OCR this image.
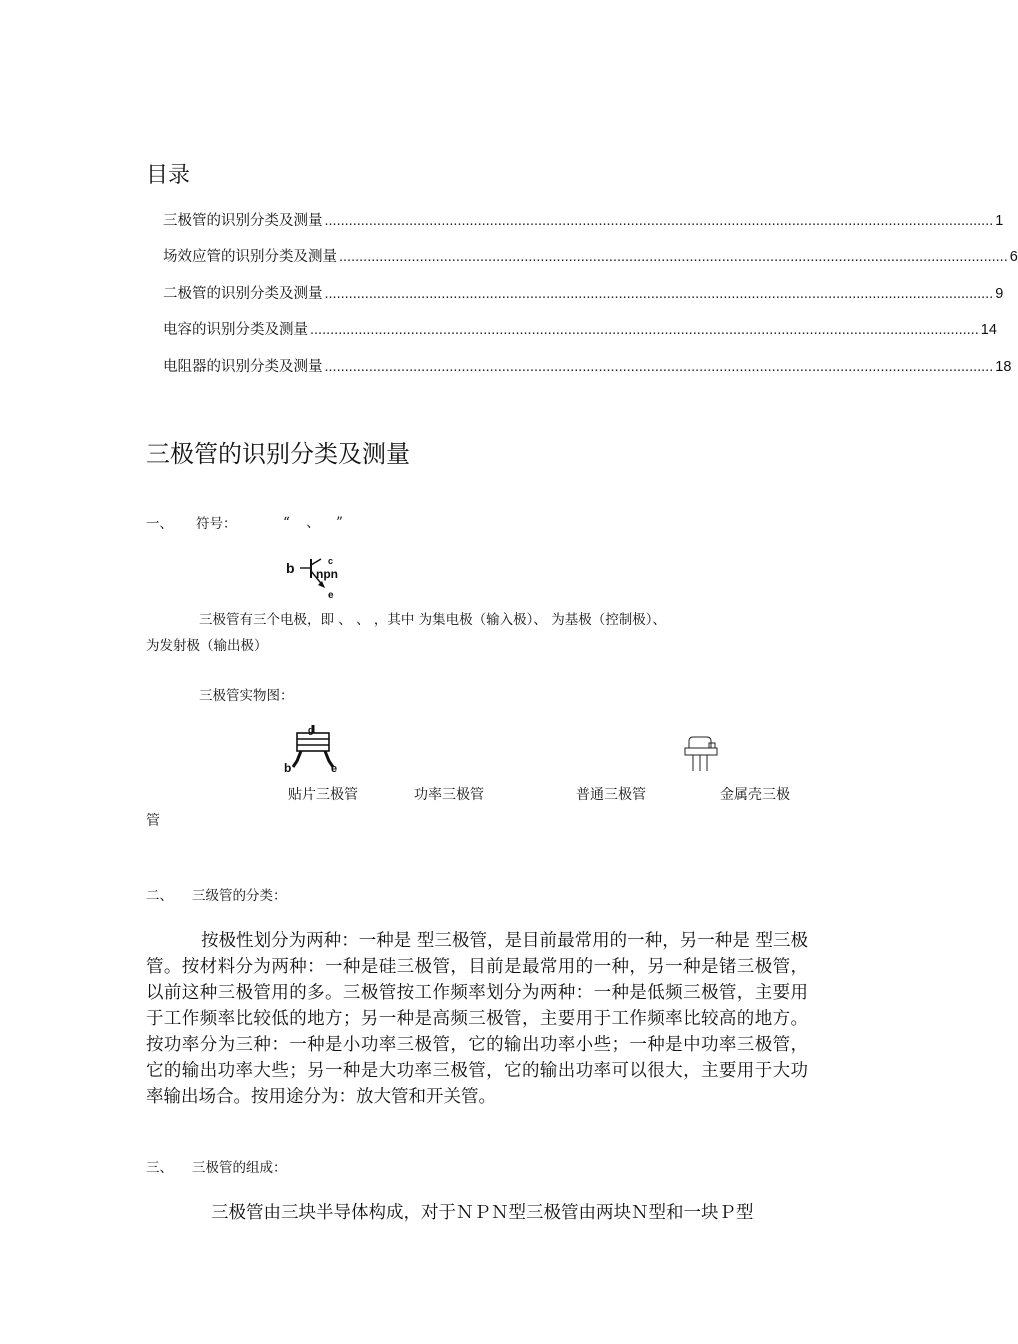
目录
三极管的识别分类及测量 ...................................................................................................................................................................... 1
场效应管的识别分类及测量 ...................................................................................................................................................................... 6
二极管的识别分类及测量 ...................................................................................................................................................................... 9
电容的识别分类及测量 ...................................................................................................................................................................... 14
电阻器的识别分类及测量 ...................................................................................................................................................................... 18
三极管的识别分类及测量
一、 符号：	“ 、 ”
b	c
npn
e
三极管有三个电极，即 、 、 ，其中 为集电极（输入极）、 为基极（控制极）、
为发射极（输出极）
三极管实物图：
g
b	e
贴片三极管	功率三极管	普通三极管	金属壳三极
管
二、 三级管的分类：
按极性划分为两种：一种是 型三极管，是目前最常用的一种，另一种是 型三极管。按材料分为两种：一种是硅三极管，目前是最常用的一种，另一种是锗三极管，以前这种三极管用的多。三极管按工作频率划分为两种：一种是低频三极管，主要用于工作频率比较低的地方；另一种是高频三极管，主要用于工作频率比较高的地方。按功率分为三种：一种是小功率三极管，它的输出功率小些；一种是中功率三极管，它的输出功率大些；另一种是大功率三极管，它的输出功率可以很大，主要用于大功率输出场合。按用途分为：放大管和开关管。
三、 三极管的组成：
三极管由三块半导体构成，对于ＮＰＮ型三极管由两块Ｎ型和一块Ｐ型
